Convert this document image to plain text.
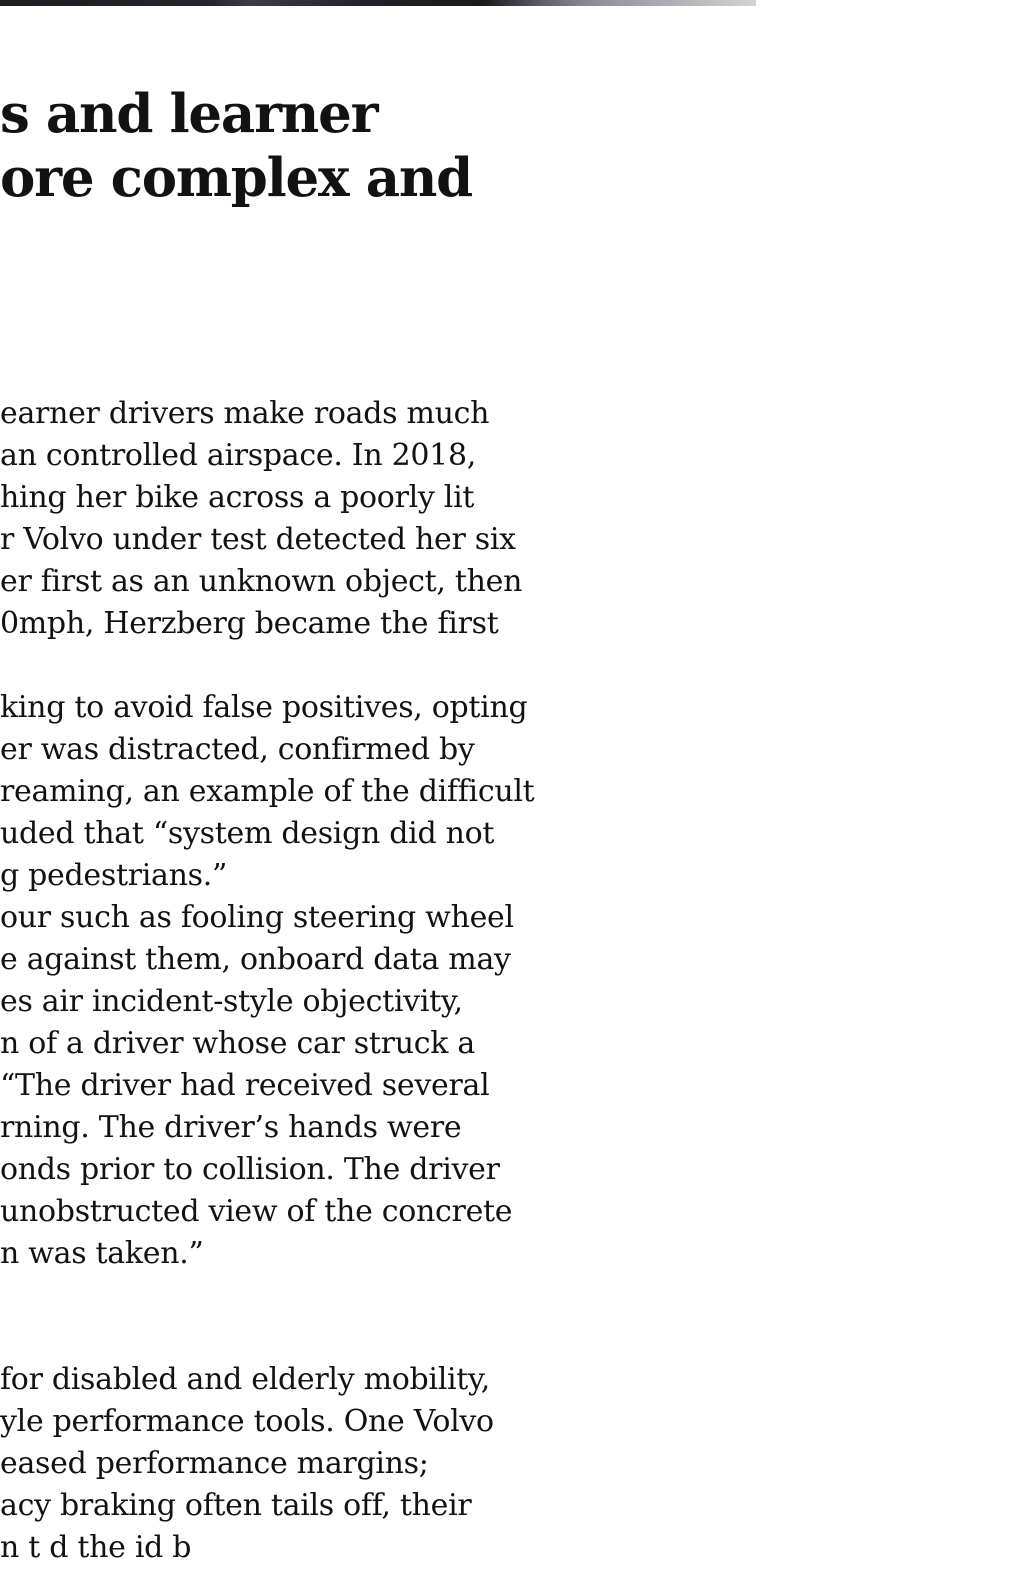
s and learner
ore complex and
earner drivers make roads much
an controlled airspace. In 2018,
hing her bike across a poorly lit
r Volvo under test detected her six
er first as an unknown object, then
0mph, Herzberg became the first
king to avoid false positives, opting
er was distracted, confirmed by
reaming, an example of the difficult
uded that “system design did not
g pedestrians.”
our such as fooling steering wheel
e against them, onboard data may
es air incident-style objectivity,
n of a driver whose car struck a
“The driver had received several
rning. The driver’s hands were
onds prior to collision. The driver
unobstructed view of the concrete
n was taken.”
for disabled and elderly mobility,
yle performance tools. One Volvo
eased performance margins;
acy braking often tails off, their
n t d the id b
